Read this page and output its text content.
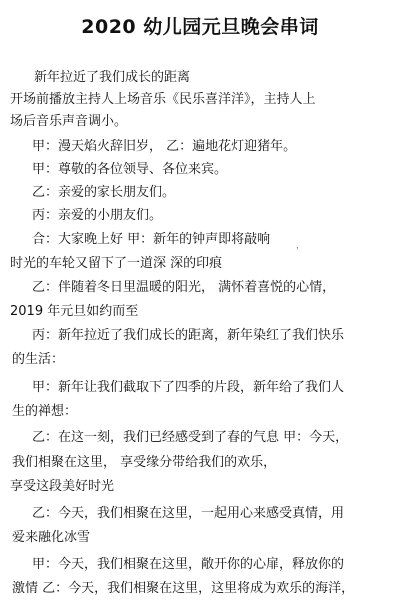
2020 幼儿园元旦晚会串词
新年拉近了我们成长的距离
开场前播放主持人上场音乐《民乐喜洋洋》，主持人上
场后音乐声音调小。
甲：漫天焰火辞旧岁， 乙：遍地花灯迎猪年。
甲：尊敬的各位领导、各位来宾。
乙：亲爱的家长朋友们。
丙：亲爱的小朋友们。
合：大家晚上好 甲：新年的钟声即将敲响	，
时光的车轮又留下了一道深 深的印痕
乙：伴随着冬日里温暖的阳光， 满怀着喜悦的心情，
2019 年元旦如约而至
丙：新年拉近了我们成长的距离，新年染红了我们快乐
的生活：
甲：新年让我们截取下了四季的片段，新年给了我们人
生的禅想：
乙：在这一刻，我们已经感受到了春的气息 甲：今天，
我们相聚在这里， 享受缘分带给我们的欢乐，
享受这段美好时光
乙：今天，我们相聚在这里，一起用心来感受真情，用
爱来融化冰雪
甲：今天，我们相聚在这里，敞开你的心扉，释放你的
激情 乙：今天，我们相聚在这里，这里将成为欢乐的海洋，
